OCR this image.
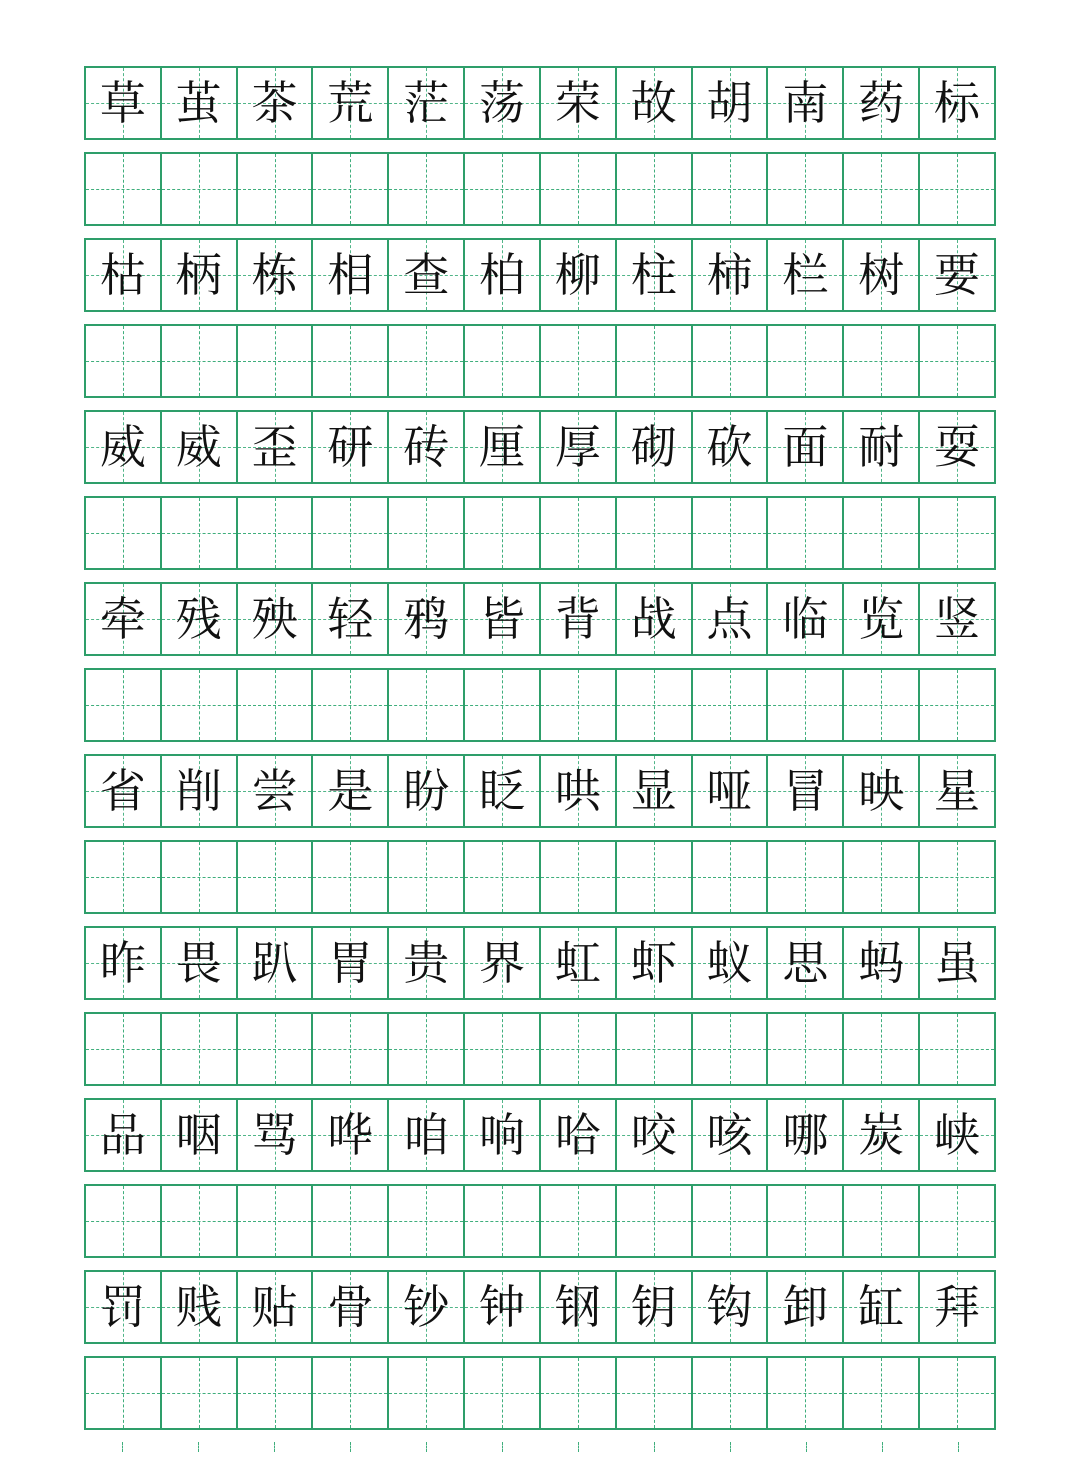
草 茧 茶 荒 茫 荡 荣 故 胡 南 药 标
枯 柄 栋 相 查 柏 柳 柱 柿 栏 树 要
威 威 歪 研 砖 厘 厚 砌 砍 面 耐 耍
牵 残 殃 轻 鸦 皆 背 战 点 临 览 竖
省 削 尝 是 盼 眨 哄 显 哑 冒 映 星
昨 畏 趴 胃 贵 界 虹 虾 蚁 思 蚂 虽
品 咽 骂 哗 咱 响 哈 咬 咳 哪 炭 峡
罚 贱 贴 骨 钞 钟 钢 钥 钩 卸 缸 拜
